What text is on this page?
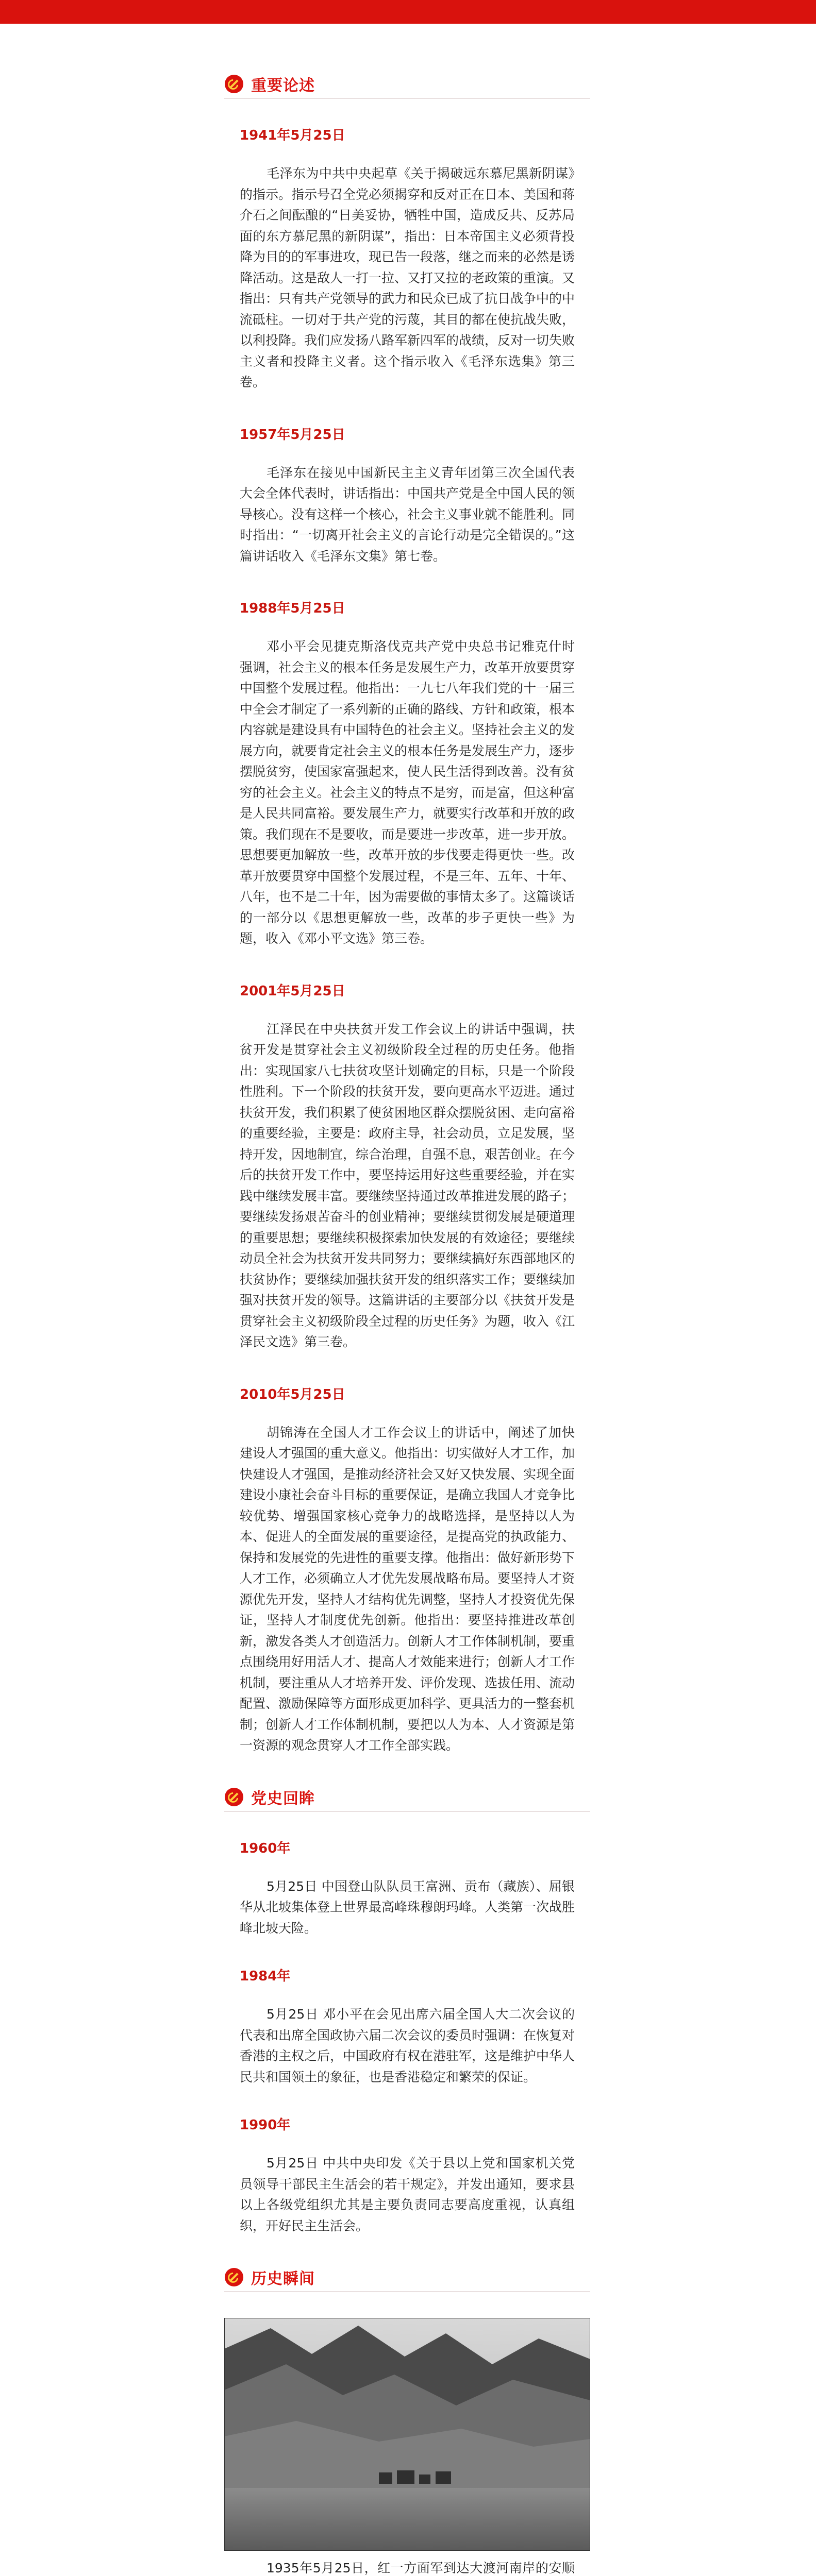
重要论述
1941年5月25日

毛泽东为中共中央起草《关于揭破远东慕尼黑新阴谋》的指示。指示号召全党必须揭穿和反对正在日本、美国和蒋介石之间酝酿的“日美妥协，牺牲中国，造成反共、反苏局面的东方慕尼黑的新阴谋”，指出：日本帝国主义必须背投降为目的的军事进攻，现已告一段落，继之而来的必然是诱降活动。这是敌人一打一拉、又打又拉的老政策的重演。又指出：只有共产党领导的武力和民众已成了抗日战争中的中流砥柱。一切对于共产党的污蔑，其目的都在使抗战失败，以利投降。我们应发扬八路军新四军的战绩，反对一切失败主义者和投降主义者。这个指示收入《毛泽东选集》第三卷。

1957年5月25日

毛泽东在接见中国新民主主义青年团第三次全国代表大会全体代表时，讲话指出：中国共产党是全中国人民的领导核心。没有这样一个核心，社会主义事业就不能胜利。同时指出：“一切离开社会主义的言论行动是完全错误的。”这篇讲话收入《毛泽东文集》第七卷。

1988年5月25日

邓小平会见捷克斯洛伐克共产党中央总书记雅克什时强调，社会主义的根本任务是发展生产力，改革开放要贯穿中国整个发展过程。他指出：一九七八年我们党的十一届三中全会才制定了一系列新的正确的路线、方针和政策，根本内容就是建设具有中国特色的社会主义。坚持社会主义的发展方向，就要肯定社会主义的根本任务是发展生产力，逐步摆脱贫穷，使国家富强起来，使人民生活得到改善。没有贫穷的社会主义。社会主义的特点不是穷，而是富，但这种富是人民共同富裕。要发展生产力，就要实行改革和开放的政策。我们现在不是要收，而是要进一步改革，进一步开放。思想要更加解放一些，改革开放的步伐要走得更快一些。改革开放要贯穿中国整个发展过程，不是三年、五年、十年、八年，也不是二十年，因为需要做的事情太多了。这篇谈话的一部分以《思想更解放一些，改革的步子更快一些》为题，收入《邓小平文选》第三卷。

2001年5月25日

江泽民在中央扶贫开发工作会议上的讲话中强调，扶贫开发是贯穿社会主义初级阶段全过程的历史任务。他指出：实现国家八七扶贫攻坚计划确定的目标，只是一个阶段性胜利。下一个阶段的扶贫开发，要向更高水平迈进。通过扶贫开发，我们积累了使贫困地区群众摆脱贫困、走向富裕的重要经验，主要是：政府主导，社会动员，立足发展，坚持开发，因地制宜，综合治理，自强不息，艰苦创业。在今后的扶贫开发工作中，要坚持运用好这些重要经验，并在实践中继续发展丰富。要继续坚持通过改革推进发展的路子；要继续发扬艰苦奋斗的创业精神；要继续贯彻发展是硬道理的重要思想；要继续积极探索加快发展的有效途径；要继续动员全社会为扶贫开发共同努力；要继续搞好东西部地区的扶贫协作；要继续加强扶贫开发的组织落实工作；要继续加强对扶贫开发的领导。这篇讲话的主要部分以《扶贫开发是贯穿社会主义初级阶段全过程的历史任务》为题，收入《江泽民文选》第三卷。

2010年5月25日

胡锦涛在全国人才工作会议上的讲话中，阐述了加快建设人才强国的重大意义。他指出：切实做好人才工作，加快建设人才强国，是推动经济社会又好又快发展、实现全面建设小康社会奋斗目标的重要保证，是确立我国人才竞争比较优势、增强国家核心竞争力的战略选择，是坚持以人为本、促进人的全面发展的重要途径，是提高党的执政能力、保持和发展党的先进性的重要支撑。他指出：做好新形势下人才工作，必须确立人才优先发展战略布局。要坚持人才资源优先开发，坚持人才结构优先调整，坚持人才投资优先保证，坚持人才制度优先创新。他指出：要坚持推进改革创新，激发各类人才创造活力。创新人才工作体制机制，要重点围绕用好用活人才、提高人才效能来进行；创新人才工作机制，要注重从人才培养开发、评价发现、选拔任用、流动配置、激励保障等方面形成更加科学、更具活力的一整套机制；创新人才工作体制机制，要把以人为本、人才资源是第一资源的观念贯穿人才工作全部实践。

党史回眸
1960年

5月25日 中国登山队队员王富洲、贡布（藏族）、屈银华从北坡集体登上世界最高峰珠穆朗玛峰。人类第一次战胜峰北坡天险。

1984年

5月25日 邓小平在会见出席六届全国人大二次会议的代表和出席全国政协六届二次会议的委员时强调：在恢复对香港的主权之后，中国政府有权在港驻军，这是维护中华人民共和国领土的象征，也是香港稳定和繁荣的保证。

1990年

5月25日 中共中央印发《关于县以上党和国家机关党员领导干部民主生活会的若干规定》，并发出通知，要求县以上各级党组织尤其是主要负责同志要高度重视，认真组织，开好民主生活会。

历史瞬间

1935年5月25日，红一方面军到达大渡河南岸的安顺
